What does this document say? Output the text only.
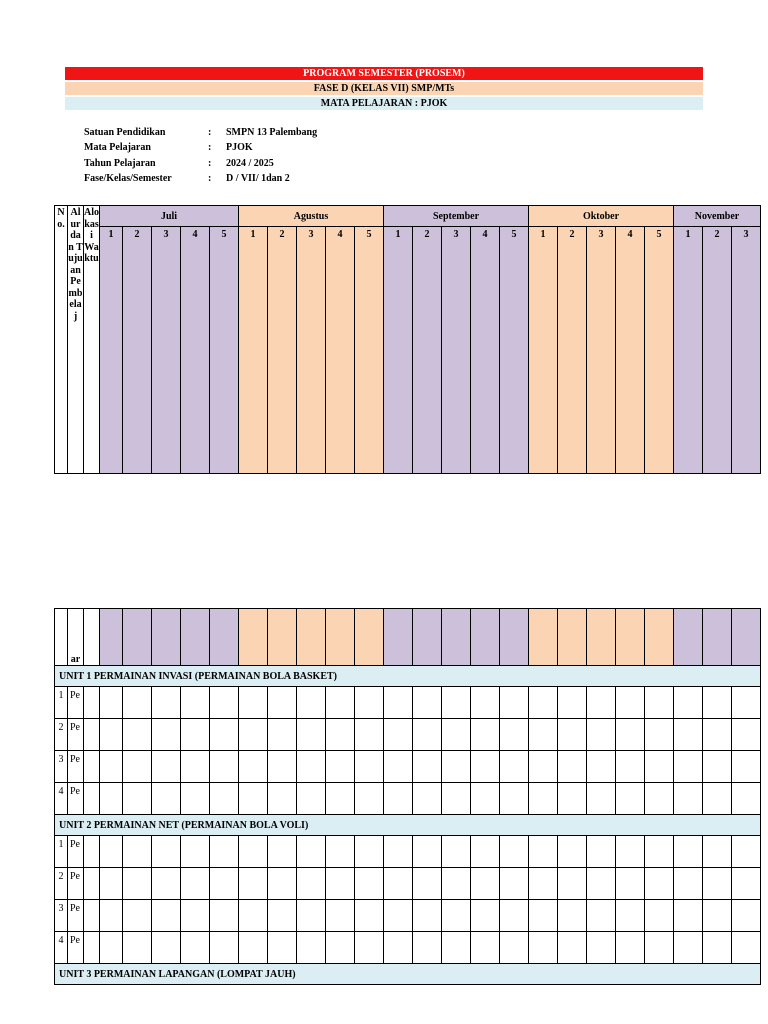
PROGRAM SEMESTER (PROSEM)
FASE D (KELAS VII) SMP/MTs
MATA PELAJARAN : PJOK
Satuan Pendidikan	:	SMPN 13 Palembang
Mata Pelajaran	:	PJOK
Tahun Pelajaran	:	2024 / 2025
Fase/Kelas/Semester	:	D / VII/ 1dan 2
No.	Alur dan Tujuan Pembelaj	Alokasi Waktu	Juli					Agustus					September					Oktober					November		
			1	2	3	4	5	1	2	3	4	5	1	2	3	4	5	1	2	3	4	5	1	2	3
	ar																								
UNIT 1 PERMAINAN INVASI (PERMAINAN BOLA BASKET)																									
1	Pe																								
2	Pe																								
3	Pe																								
4	Pe																								
UNIT 2 PERMAINAN NET (PERMAINAN BOLA VOLI)																									
1	Pe																								
2	Pe																								
3	Pe																								
4	Pe																								
UNIT 3 PERMAINAN LAPANGAN (LOMPAT JAUH)																									
